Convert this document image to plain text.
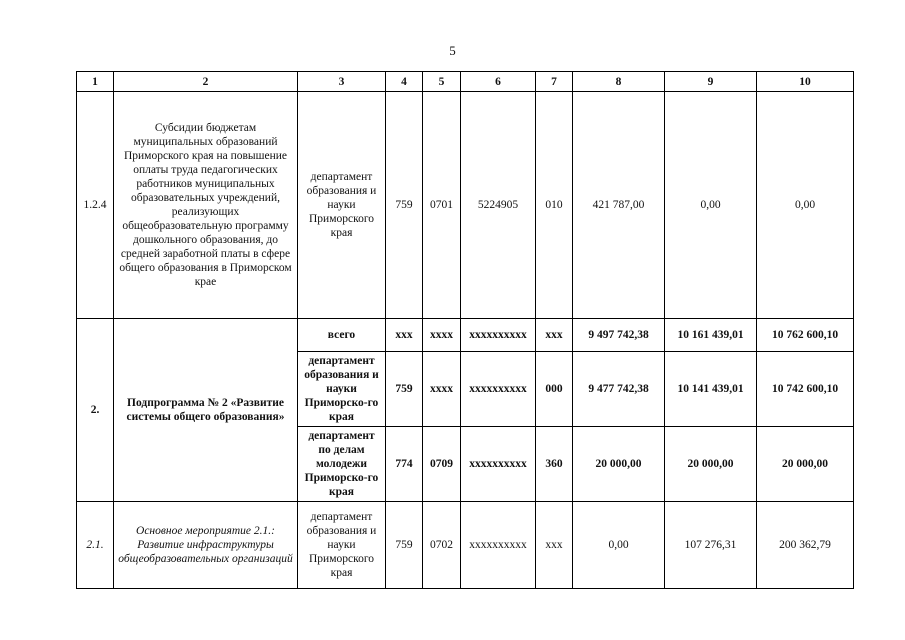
5
1	2	3	4	5	6	7	8	9	10
1.2.4	Субсидии бюджетам муниципальных образований Приморского края на повышение оплаты труда педагогических работников муниципальных образовательных учреждений, реализующих общеобразовательную программу дошкольного образования, до средней заработной платы в сфере общего образования в Приморском крае	департамент образования и науки Приморского края	759	0701	5224905	010	421 787,00	0,00	0,00
2.	Подпрограмма № 2 «Развитие системы общего образования»	всего	ххх	хххх	хххххххххх	ххх	9 497 742,38	10 161 439,01	10 762 600,10
		департамент образования и науки Приморско-го края	759	хххх	хххххххххх	000	9 477 742,38	10 141 439,01	10 742 600,10
		департамент по делам молодежи Приморско-го края	774	0709	хххххххххх	360	20 000,00	20 000,00	20 000,00
2.1.	Основное мероприятие 2.1.: Развитие инфраструктуры общеобразовательных организаций	департамент образования и науки Приморского края	759	0702	хххххххххх	ххх	0,00	107 276,31	200 362,79
